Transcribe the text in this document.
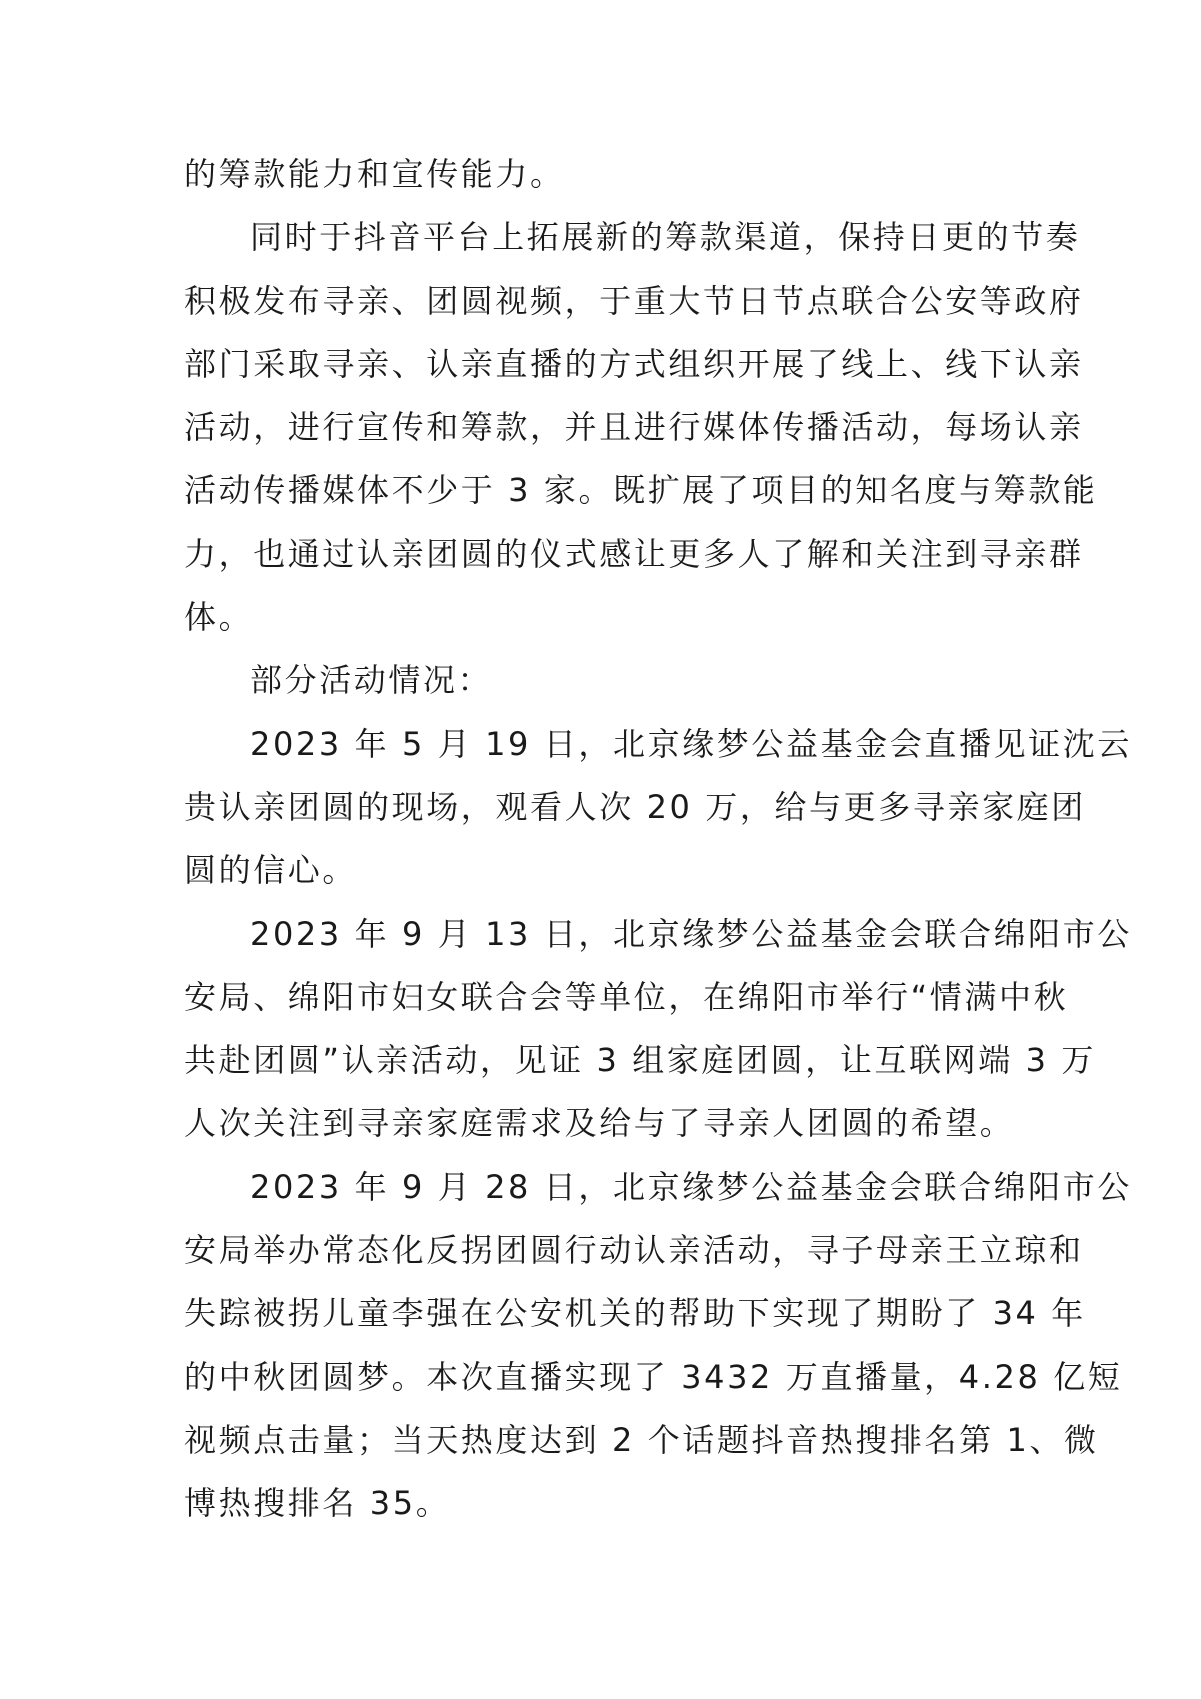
的筹款能力和宣传能力。

同时于抖音平台上拓展新的筹款渠道，保持日更的节奏
积极发布寻亲、团圆视频，于重大节日节点联合公安等政府
部门采取寻亲、认亲直播的方式组织开展了线上、线下认亲
活动，进行宣传和筹款，并且进行媒体传播活动，每场认亲
活动传播媒体不少于 3 家。既扩展了项目的知名度与筹款能
力，也通过认亲团圆的仪式感让更多人了解和关注到寻亲群
体。

部分活动情况：

2023 年 5 月 19 日，北京缘梦公益基金会直播见证沈云
贵认亲团圆的现场，观看人次 20 万，给与更多寻亲家庭团
圆的信心。

2023 年 9 月 13 日，北京缘梦公益基金会联合绵阳市公
安局、绵阳市妇女联合会等单位，在绵阳市举行“情满中秋
共赴团圆”认亲活动，见证 3 组家庭团圆，让互联网端 3 万
人次关注到寻亲家庭需求及给与了寻亲人团圆的希望。

2023 年 9 月 28 日，北京缘梦公益基金会联合绵阳市公
安局举办常态化反拐团圆行动认亲活动，寻子母亲王立琼和
失踪被拐儿童李强在公安机关的帮助下实现了期盼了 34 年
的中秋团圆梦。本次直播实现了 3432 万直播量，4.28 亿短
视频点击量；当天热度达到 2 个话题抖音热搜排名第 1、微
博热搜排名 35。
